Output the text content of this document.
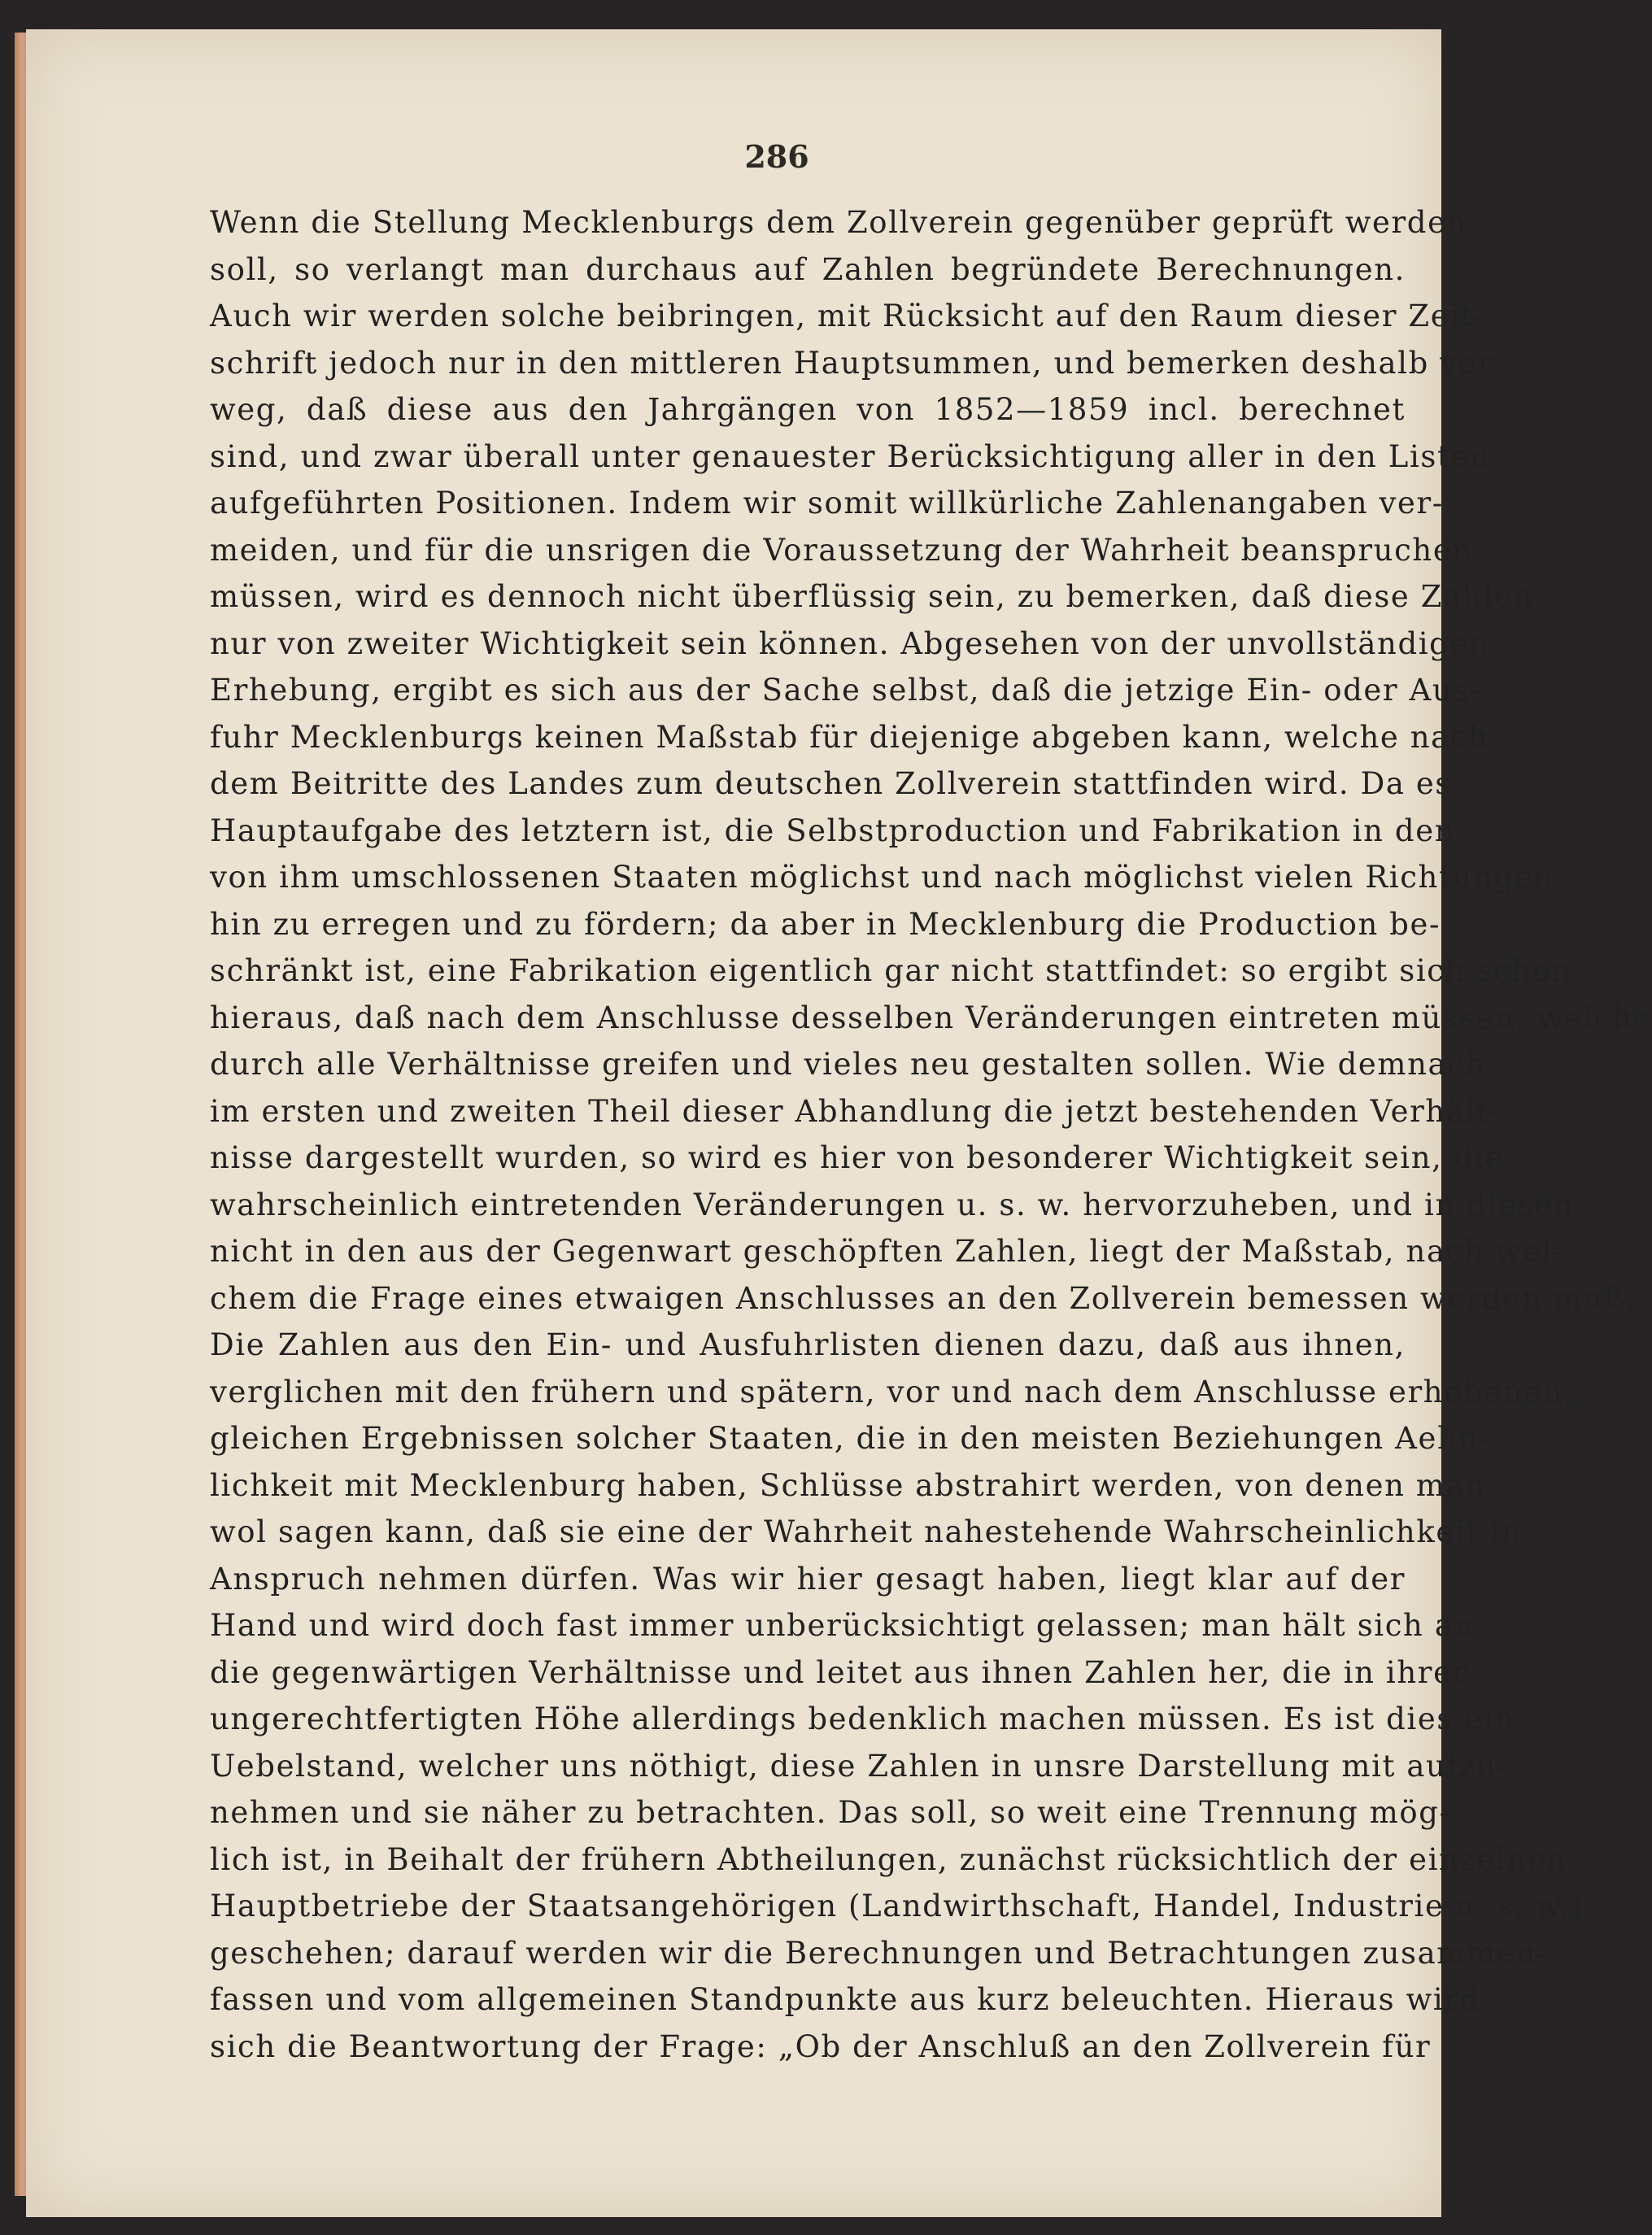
286
Wenn die Stellung Mecklenburgs dem Zollverein gegenüber geprüft werden
soll, so verlangt man durchaus auf Zahlen begründete Berechnungen.
Auch wir werden solche beibringen, mit Rücksicht auf den Raum dieser Zeit-
schrift jedoch nur in den mittleren Hauptsummen, und bemerken deshalb vor-
weg, daß diese aus den Jahrgängen von 1852—1859 incl. berechnet
sind, und zwar überall unter genauester Berücksichtigung aller in den Listen
aufgeführten Positionen. Indem wir somit willkürliche Zahlenangaben ver-
meiden, und für die unsrigen die Voraussetzung der Wahrheit beanspruchen
müssen, wird es dennoch nicht überflüssig sein, zu bemerken, daß diese Zahlen
nur von zweiter Wichtigkeit sein können. Abgesehen von der unvollständigen
Erhebung, ergibt es sich aus der Sache selbst, daß die jetzige Ein- oder Aus-
fuhr Mecklenburgs keinen Maßstab für diejenige abgeben kann, welche nach
dem Beitritte des Landes zum deutschen Zollverein stattfinden wird. Da es
Hauptaufgabe des letztern ist, die Selbstproduction und Fabrikation in den
von ihm umschlossenen Staaten möglichst und nach möglichst vielen Richtungen
hin zu erregen und zu fördern; da aber in Mecklenburg die Production be-
schränkt ist, eine Fabrikation eigentlich gar nicht stattfindet: so ergibt sich schon
hieraus, daß nach dem Anschlusse desselben Veränderungen eintreten müssen, welche
durch alle Verhältnisse greifen und vieles neu gestalten sollen. Wie demnach
im ersten und zweiten Theil dieser Abhandlung die jetzt bestehenden Verhält-
nisse dargestellt wurden, so wird es hier von besonderer Wichtigkeit sein, die
wahrscheinlich eintretenden Veränderungen u. s. w. hervorzuheben, und in diesen,
nicht in den aus der Gegenwart geschöpften Zahlen, liegt der Maßstab, nach wel-
chem die Frage eines etwaigen Anschlusses an den Zollverein bemessen werden muß.
Die Zahlen aus den Ein- und Ausfuhrlisten dienen dazu, daß aus ihnen,
verglichen mit den frühern und spätern, vor und nach dem Anschlusse erhobenen,
gleichen Ergebnissen solcher Staaten, die in den meisten Beziehungen Aehn-
lichkeit mit Mecklenburg haben, Schlüsse abstrahirt werden, von denen man
wol sagen kann, daß sie eine der Wahrheit nahestehende Wahrscheinlichkeit in
Anspruch nehmen dürfen. Was wir hier gesagt haben, liegt klar auf der
Hand und wird doch fast immer unberücksichtigt gelassen; man hält sich an
die gegenwärtigen Verhältnisse und leitet aus ihnen Zahlen her, die in ihrer
ungerechtfertigten Höhe allerdings bedenklich machen müssen. Es ist dies ein
Uebelstand, welcher uns nöthigt, diese Zahlen in unsre Darstellung mit aufzu-
nehmen und sie näher zu betrachten. Das soll, so weit eine Trennung mög-
lich ist, in Beihalt der frühern Abtheilungen, zunächst rücksichtlich der einzelnen
Hauptbetriebe der Staatsangehörigen (Landwirthschaft, Handel, Industrie u. s. w.)
geschehen; darauf werden wir die Berechnungen und Betrachtungen zusammen-
fassen und vom allgemeinen Standpunkte aus kurz beleuchten. Hieraus wird
sich die Beantwortung der Frage: „Ob der Anschluß an den Zollverein für
